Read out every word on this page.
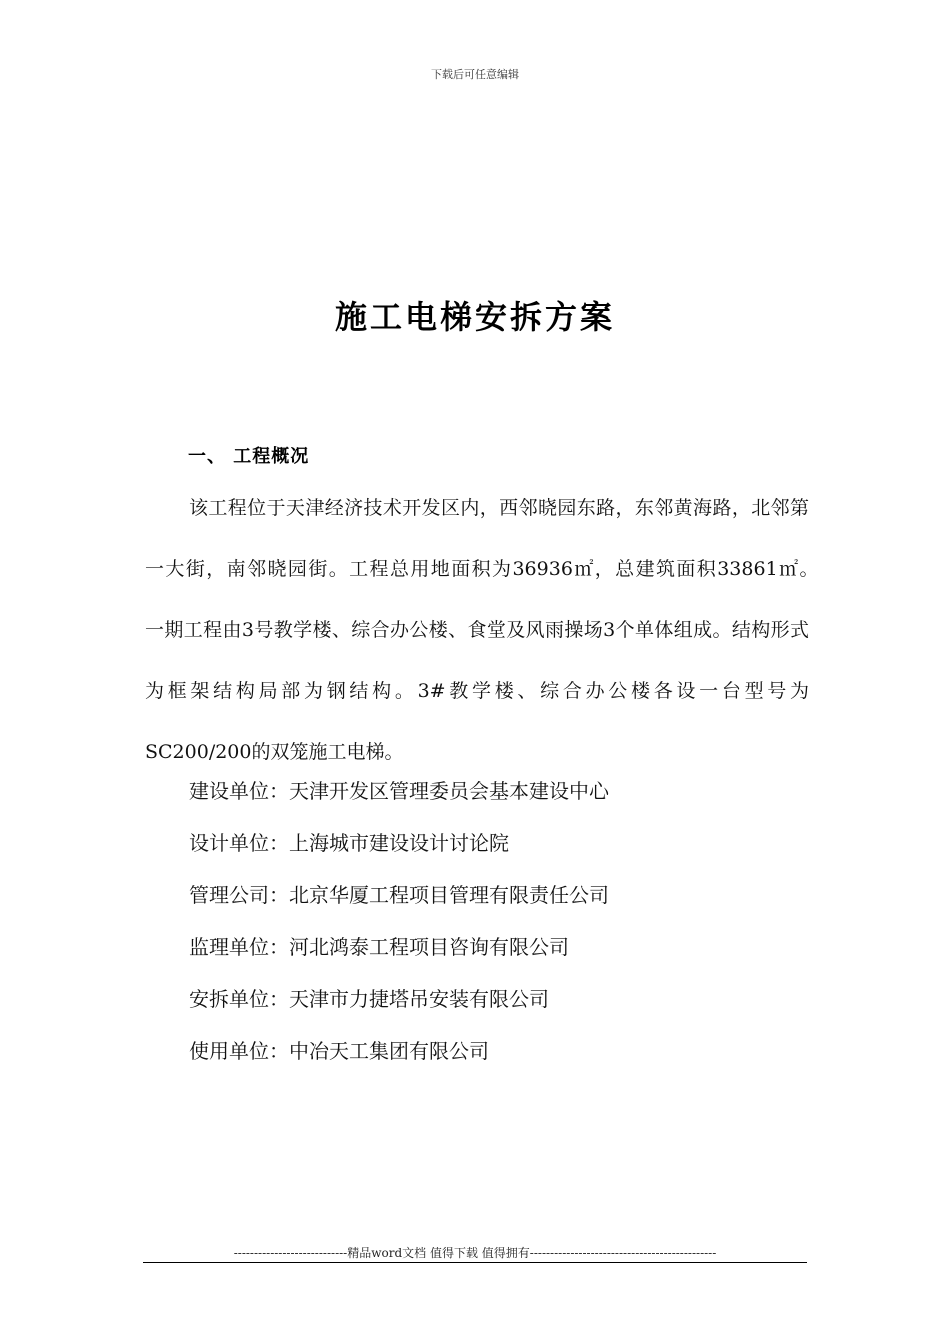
下载后可任意编辑
施工电梯安拆方案
一、 工程概况

该工程位于天津经济技术开发区内，西邻晓园东路，东邻黄海路，北邻第一大街，南邻晓园街。工程总用地面积为36936㎡，总建筑面积33861㎡。　 一期工程由3号教学楼、综合办公楼、食堂及风雨操场3个单体组成。结构形式为框架结构局部为钢结构。3#教学楼、综合办公楼各设一台型号为SC200/200的双笼施工电梯。

建设单位：天津开发区管理委员会基本建设中心
设计单位：上海城市建设设计讨论院
管理公司：北京华厦工程项目管理有限责任公司
监理单位：河北鸿泰工程项目咨询有限公司
安拆单位：天津市力捷塔吊安装有限公司
使用单位：中冶天工集团有限公司
----------------------------精品word文档 值得下载 值得拥有----------------------------------------------
